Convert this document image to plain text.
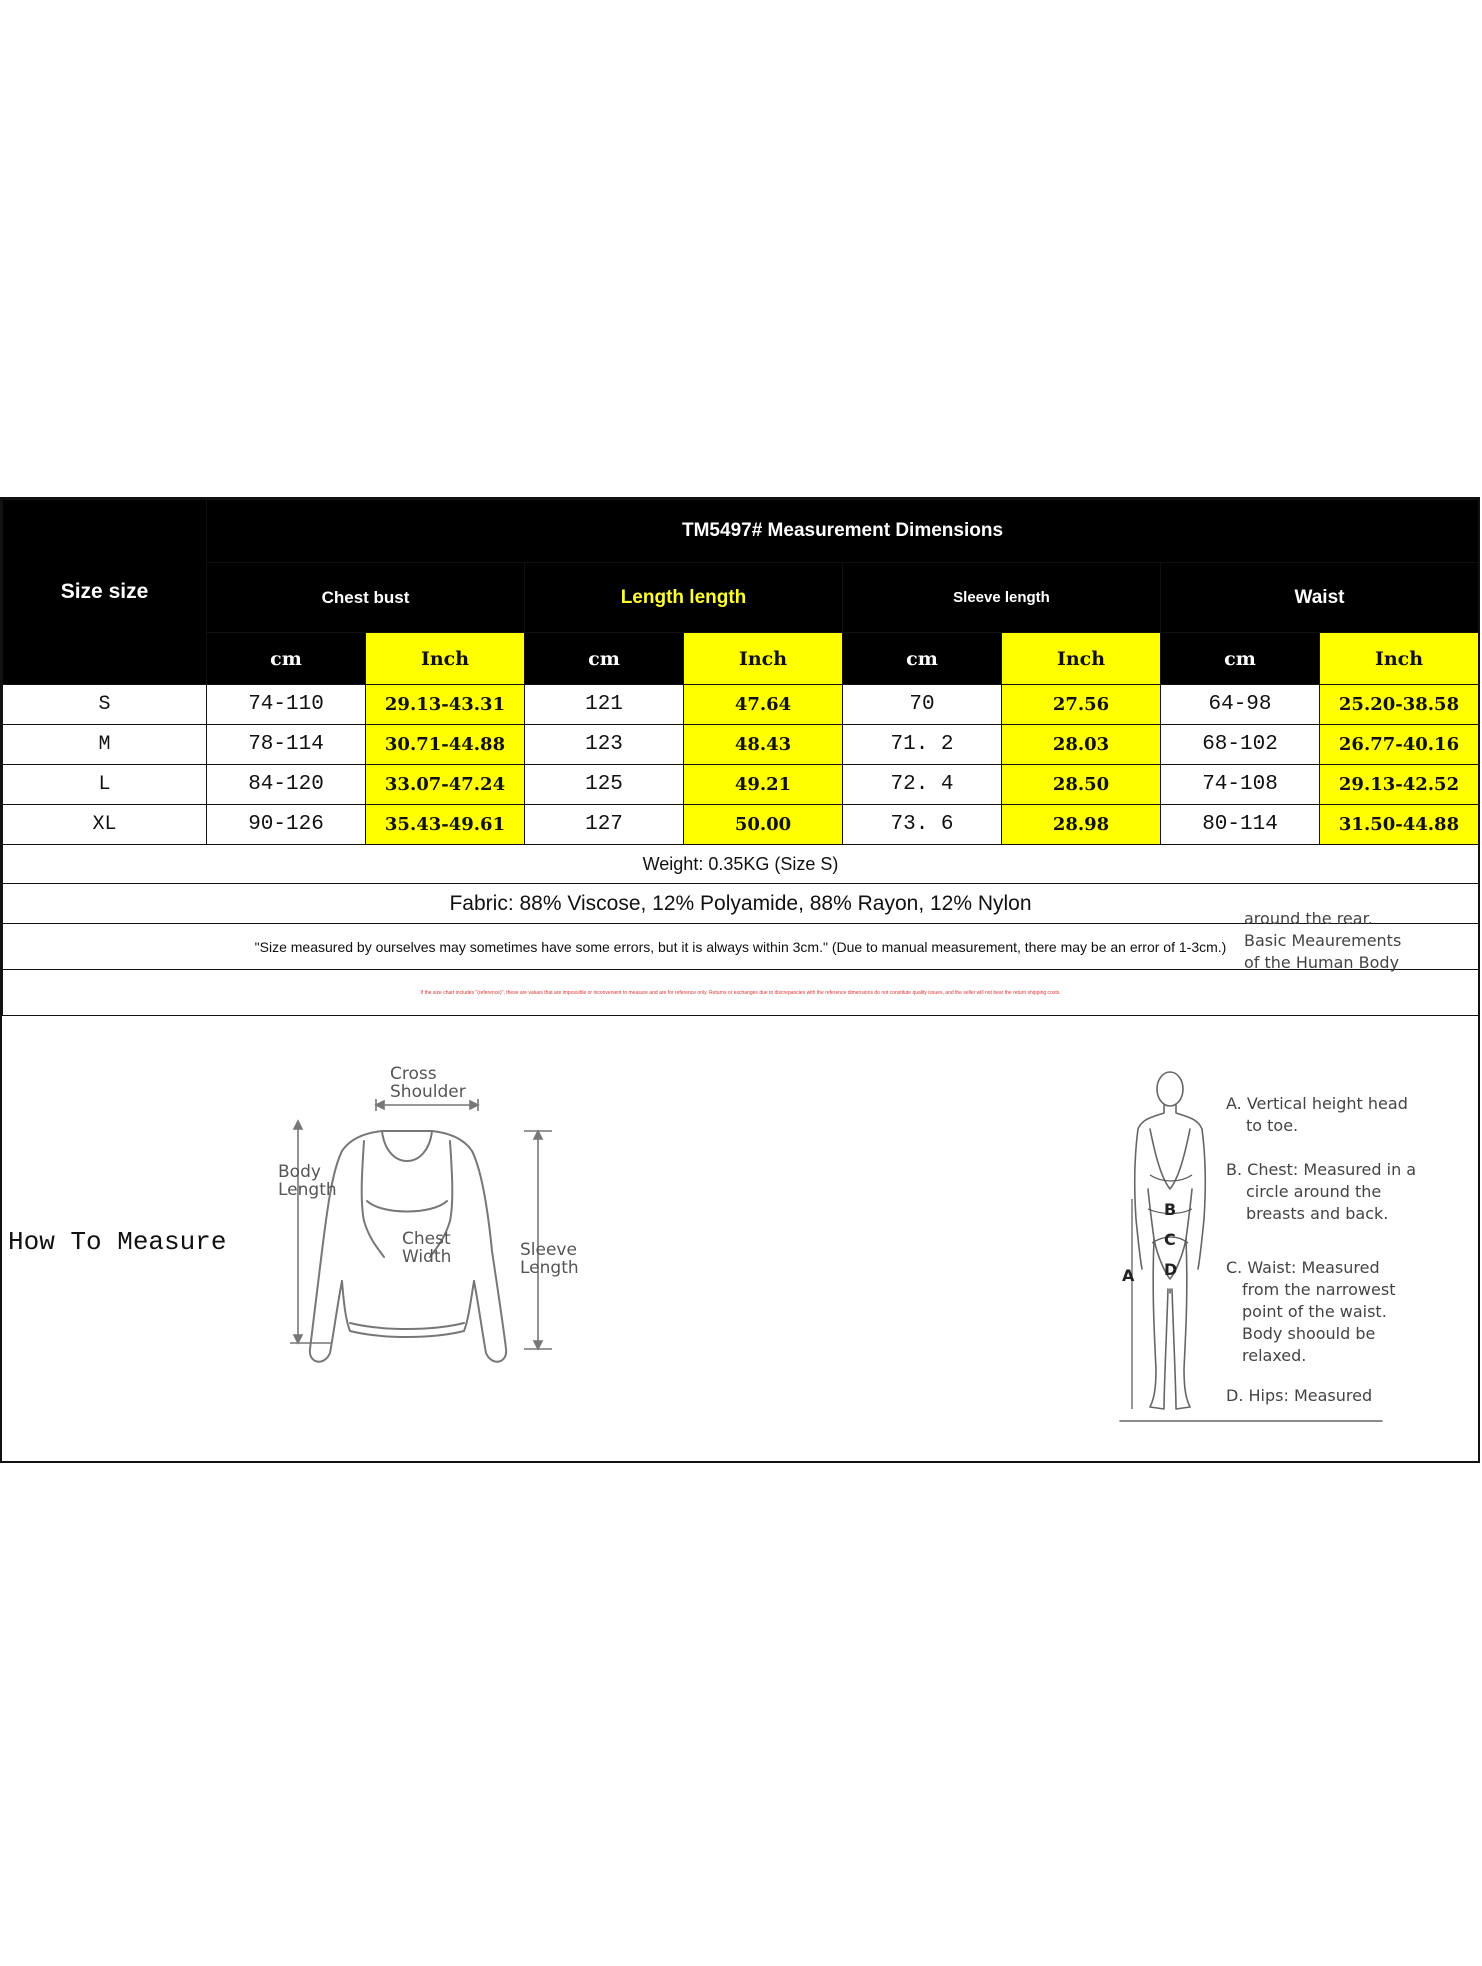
Size size	TM5497# Measurement Dimensions							
	Chest bust		Length length		Sleeve length		Waist	
	cm	Inch	cm	Inch	cm	Inch	cm	Inch
S	74-110	29.13-43.31	121	47.64	70	27.56	64-98	25.20-38.58
M	78-114	30.71-44.88	123	48.43	71. 2	28.03	68-102	26.77-40.16
L	84-120	33.07-47.24	125	49.21	72. 4	28.50	74-108	29.13-42.52
XL	90-126	35.43-49.61	127	50.00	73. 6	28.98	80-114	31.50-44.88
Weight: 0.35KG (Size S)								
Fabric: 88% Viscose, 12% Polyamide, 88% Rayon, 12% Nylon								
"Size measured by ourselves may sometimes have some errors, but it is always within 3cm." (Due to manual measurement, there may be an error of 1-3cm.)								
If the size chart includes "(reference)", these are values that are impossible or inconvenient to measure and are for reference only. Returns or exchanges due to discrepancies with the reference dimensions do not constitute quality issues, and the seller will not bear the return shipping costs.								
How To Measure
Cross
Shoulder
Body
Length
Chest
Width	Sleeve
Length	A
B
C
D
A. Vertical height head
to toe.
B. Chest: Measured in a
circle around the
breasts and back.
C. Waist: Measured
from the narrowest
point of the waist.
Body shoould be
relaxed.
D. Hips: Measured
around the rear.
Basic Meaurements
of the Human Body
